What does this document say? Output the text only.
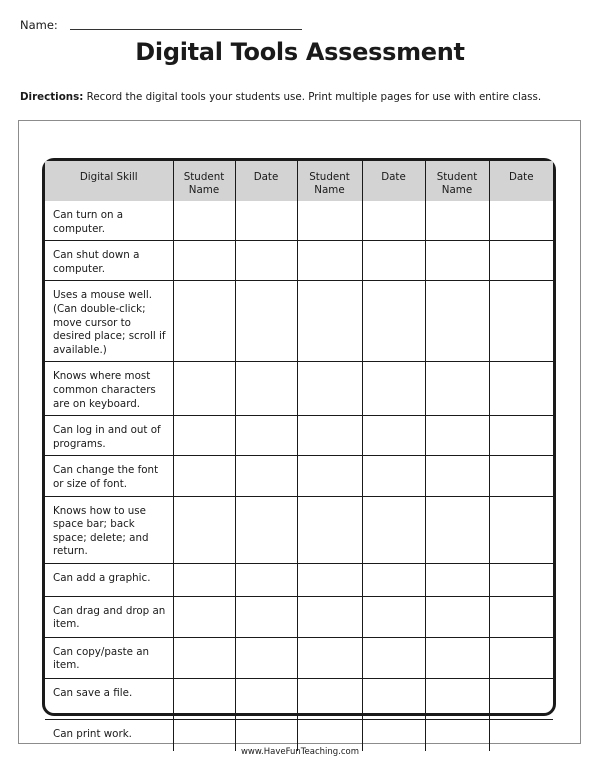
Name:
Digital Tools Assessment
Directions: Record the digital tools your students use. Print multiple pages for use with entire class.
Digital Skill	Student Name	Date	Student Name	Date	Student Name	Date
Can turn on a computer.						
Can shut down a computer.						
Uses a mouse well. (Can double-click; move cursor to desired place; scroll if available.)						
Knows where most common characters are on keyboard.						
Can log in and out of programs.						
Can change the font or size of font.						
Knows how to use space bar; back space; delete; and return.						
Can add a graphic.						
Can drag and drop an item.						
Can copy/paste an item.						
Can save a file.						
Can print work.						
www.HaveFunTeaching.com
